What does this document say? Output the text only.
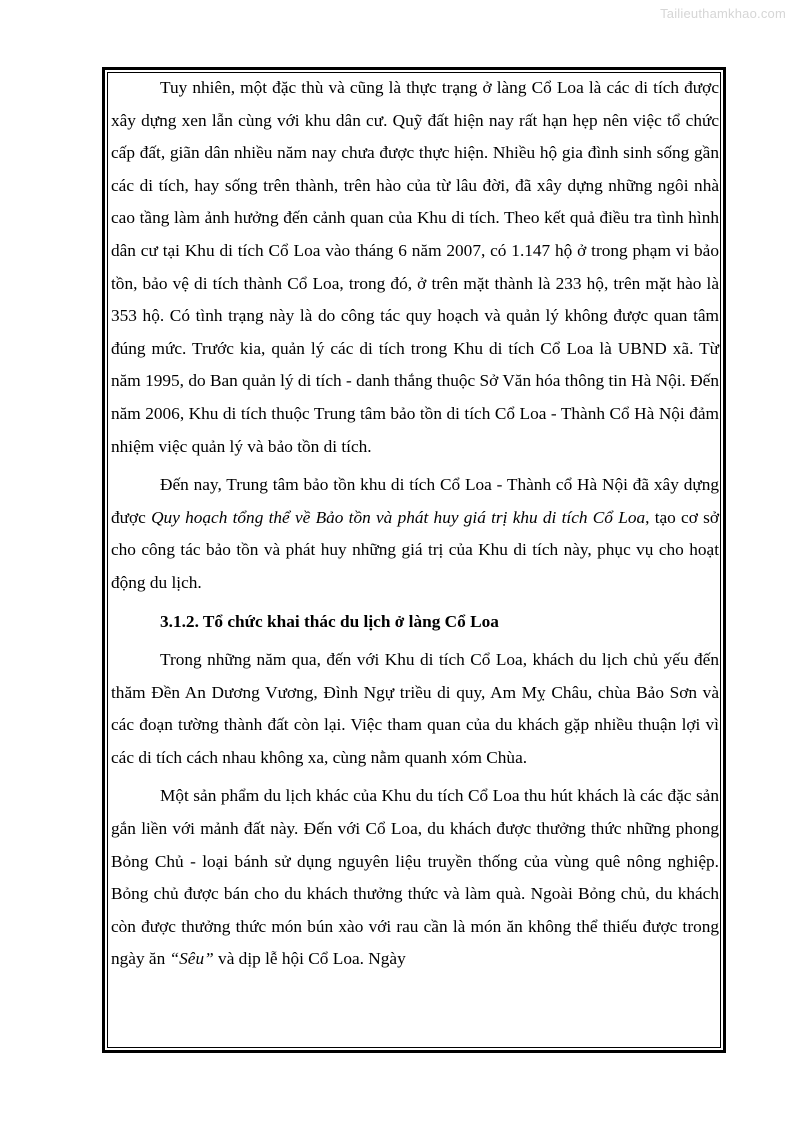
Tailieuthamkhao.com

Tuy nhiên, một đặc thù và cũng là thực trạng ở làng Cổ Loa là các di tích được xây dựng xen lẫn cùng với khu dân cư. Quỹ đất hiện nay rất hạn hẹp nên việc tổ chức cấp đất, giãn dân nhiều năm nay chưa được thực hiện. Nhiều hộ gia đình sinh sống gần các di tích, hay sống trên thành, trên hào của từ lâu đời, đã xây dựng những ngôi nhà cao tầng làm ảnh hưởng đến cảnh quan của Khu di tích. Theo kết quả điều tra tình hình dân cư tại Khu di tích Cổ Loa vào tháng 6 năm 2007, có 1.147 hộ ở trong phạm vi bảo tồn, bảo vệ di tích thành Cổ Loa, trong đó, ở trên mặt thành là 233 hộ, trên mặt hào là 353 hộ. Có tình trạng này là do công tác quy hoạch và quản lý không được quan tâm đúng mức. Trước kia, quản lý các di tích trong Khu di tích Cổ Loa là UBND xã. Từ năm 1995, do Ban quản lý di tích - danh thắng thuộc Sở Văn hóa thông tin Hà Nội. Đến năm 2006, Khu di tích thuộc Trung tâm bảo tồn di tích Cổ Loa - Thành Cổ Hà Nội đảm nhiệm việc quản lý và bảo tồn di tích.

Đến nay, Trung tâm bảo tồn khu di tích Cổ Loa - Thành cổ Hà Nội đã xây dựng được Quy hoạch tổng thể về Bảo tồn và phát huy giá trị khu di tích Cổ Loa, tạo cơ sở cho công tác bảo tồn và phát huy những giá trị của Khu di tích này, phục vụ cho hoạt động du lịch.

3.1.2. Tổ chức khai thác du lịch ở làng Cổ Loa

Trong những năm qua, đến với Khu di tích Cổ Loa, khách du lịch chủ yếu đến thăm Đền An Dương Vương, Đình Ngự triều di quy, Am Mỵ Châu, chùa Bảo Sơn và các đoạn tường thành đất còn lại. Việc tham quan của du khách gặp nhiều thuận lợi vì các di tích cách nhau không xa, cùng nằm quanh xóm Chùa.

Một sản phẩm du lịch khác của Khu du tích Cổ Loa thu hút khách là các đặc sản gắn liền với mảnh đất này. Đến với Cổ Loa, du khách được thưởng thức những phong Bỏng Chủ - loại bánh sử dụng nguyên liệu truyền thống của vùng quê nông nghiệp. Bỏng chủ được bán cho du khách thưởng thức và làm quà. Ngoài Bỏng chủ, du khách còn được thưởng thức món bún xào với rau cần là món ăn không thể thiếu được trong ngày ăn “Sêu” và dịp lễ hội Cổ Loa. Ngày
